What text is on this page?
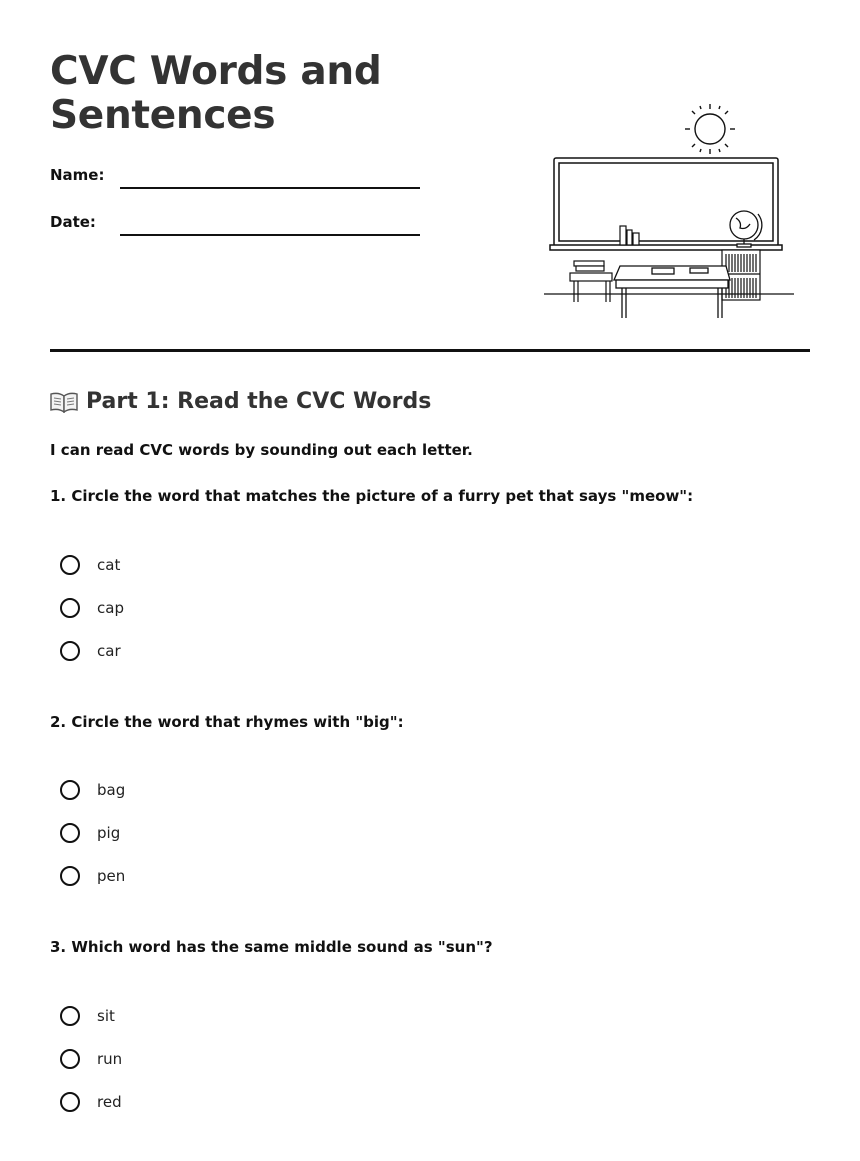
CVC Words and Sentences
Name:
Date:
Part 1: Read the CVC Words
I can read CVC words by sounding out each letter.
1. Circle the word that matches the picture of a furry pet that says "meow":
cat
cap
car
2. Circle the word that rhymes with "big":
bag
pig
pen
3. Which word has the same middle sound as "sun"?
sit
run
red
